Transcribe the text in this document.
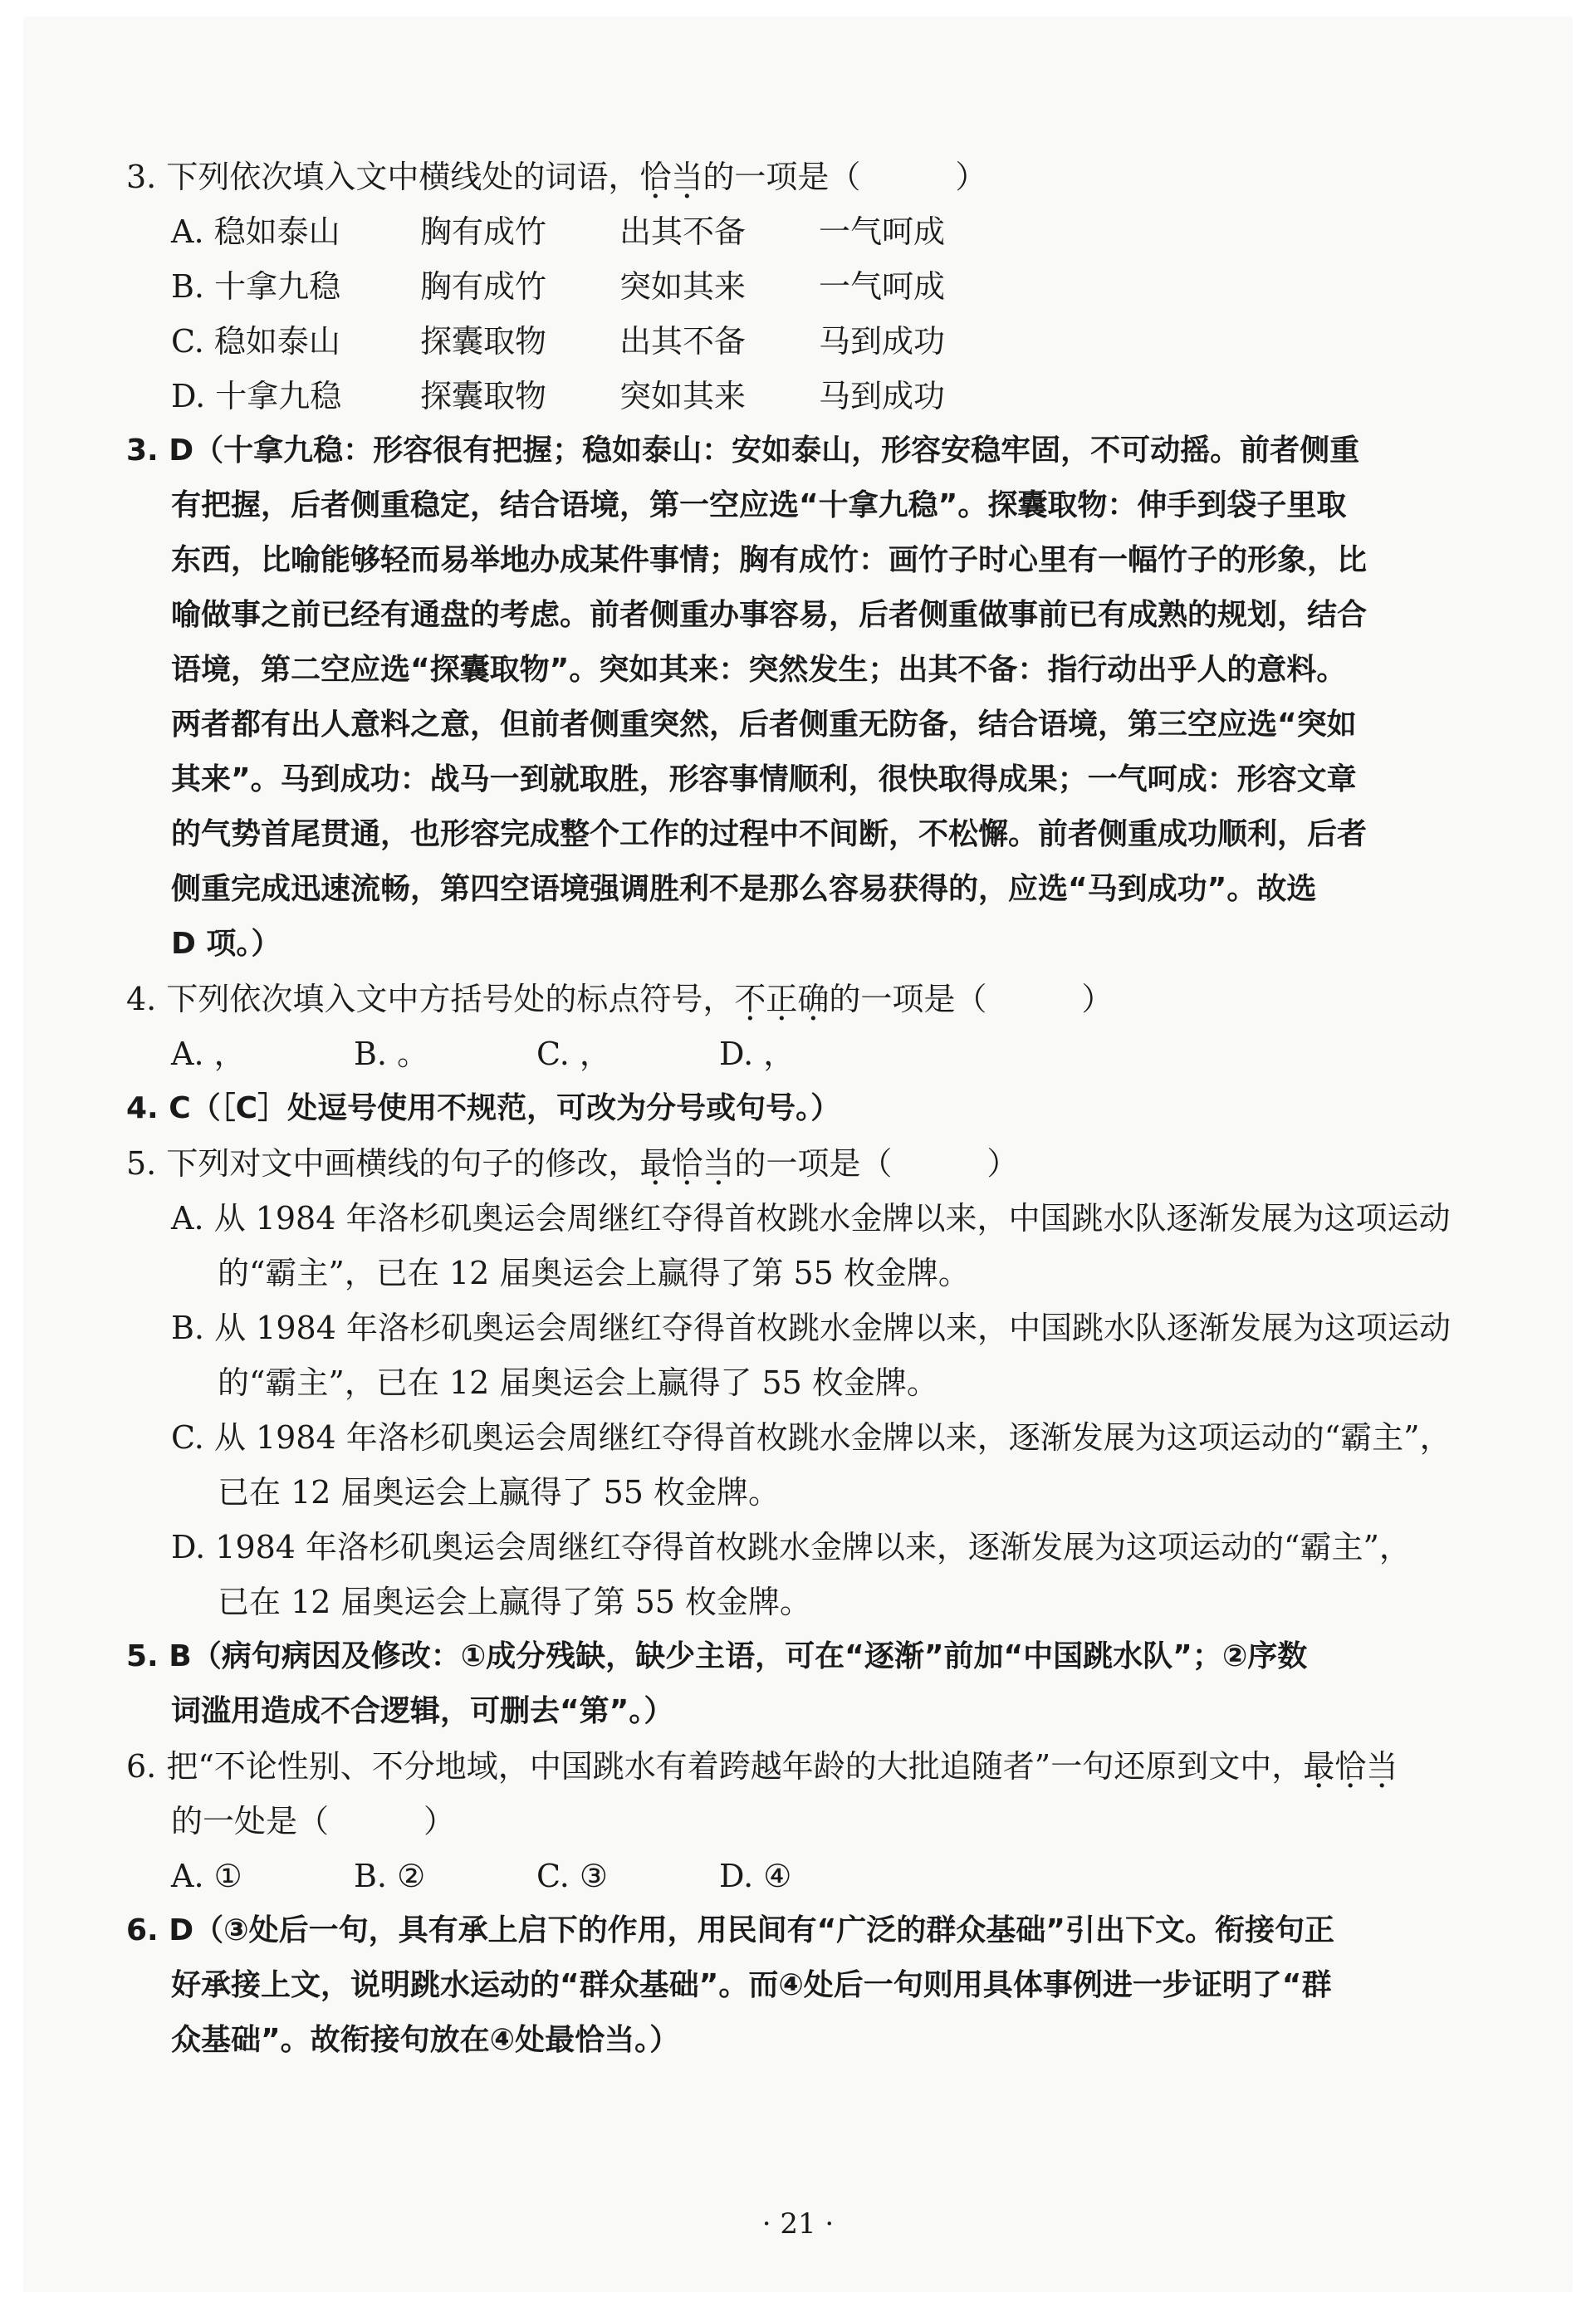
3. 下列依次填入文中横线处的词语，恰当的一项是（　　　）
A. 稳如泰山	胸有成竹 出其不备 一气呵成
B. 十拿九稳	胸有成竹 突如其来 一气呵成
C. 稳如泰山	探囊取物 出其不备 马到成功
D. 十拿九稳 探囊取物 突如其来 马到成功
3. D（十拿九稳：形容很有把握；稳如泰山：安如泰山，形容安稳牢固，不可动摇。前者侧重
有把握，后者侧重稳定，结合语境，第一空应选“十拿九稳”。探囊取物：伸手到袋子里取
东西，比喻能够轻而易举地办成某件事情；胸有成竹：画竹子时心里有一幅竹子的形象，比
喻做事之前已经有通盘的考虑。前者侧重办事容易，后者侧重做事前已有成熟的规划，结合
语境，第二空应选“探囊取物”。突如其来：突然发生；出其不备：指行动出乎人的意料。
两者都有出人意料之意，但前者侧重突然，后者侧重无防备，结合语境，第三空应选“突如
其来”。马到成功：战马一到就取胜，形容事情顺利，很快取得成果；一气呵成：形容文章
的气势首尾贯通，也形容完成整个工作的过程中不间断，不松懈。前者侧重成功顺利，后者
侧重完成迅速流畅，第四空语境强调胜利不是那么容易获得的，应选“马到成功”。故选
D 项。）
4. 下列依次填入文中方括号处的标点符号，不正确的一项是（　　　）
A. ，	B. 。	C. ，	D. ，
4. C（［C］处逗号使用不规范，可改为分号或句号。）
5. 下列对文中画横线的句子的修改，最恰当的一项是（　　　）
A. 从 1984 年洛杉矶奥运会周继红夺得首枚跳水金牌以来，中国跳水队逐渐发展为这项运动
的“霸主”，已在 12 届奥运会上赢得了第 55 枚金牌。
B. 从 1984 年洛杉矶奥运会周继红夺得首枚跳水金牌以来，中国跳水队逐渐发展为这项运动
的“霸主”，已在 12 届奥运会上赢得了 55 枚金牌。
C. 从 1984 年洛杉矶奥运会周继红夺得首枚跳水金牌以来，逐渐发展为这项运动的“霸主”，
已在 12 届奥运会上赢得了 55 枚金牌。
D. 1984 年洛杉矶奥运会周继红夺得首枚跳水金牌以来，逐渐发展为这项运动的“霸主”，
已在 12 届奥运会上赢得了第 55 枚金牌。
5. B（病句病因及修改：①成分残缺，缺少主语，可在“逐渐”前加“中国跳水队”；②序数
词滥用造成不合逻辑，可删去“第”。）
6. 把“不论性别、不分地域，中国跳水有着跨越年龄的大批追随者”一句还原到文中，最恰当
的一处是（　　　）
A. ①	B. ②	C. ③	D. ④
6. D（③处后一句，具有承上启下的作用，用民间有“广泛的群众基础”引出下文。衔接句正
好承接上文，说明跳水运动的“群众基础”。而④处后一句则用具体事例进一步证明了“群
众基础”。故衔接句放在④处最恰当。）
· 21 ·
